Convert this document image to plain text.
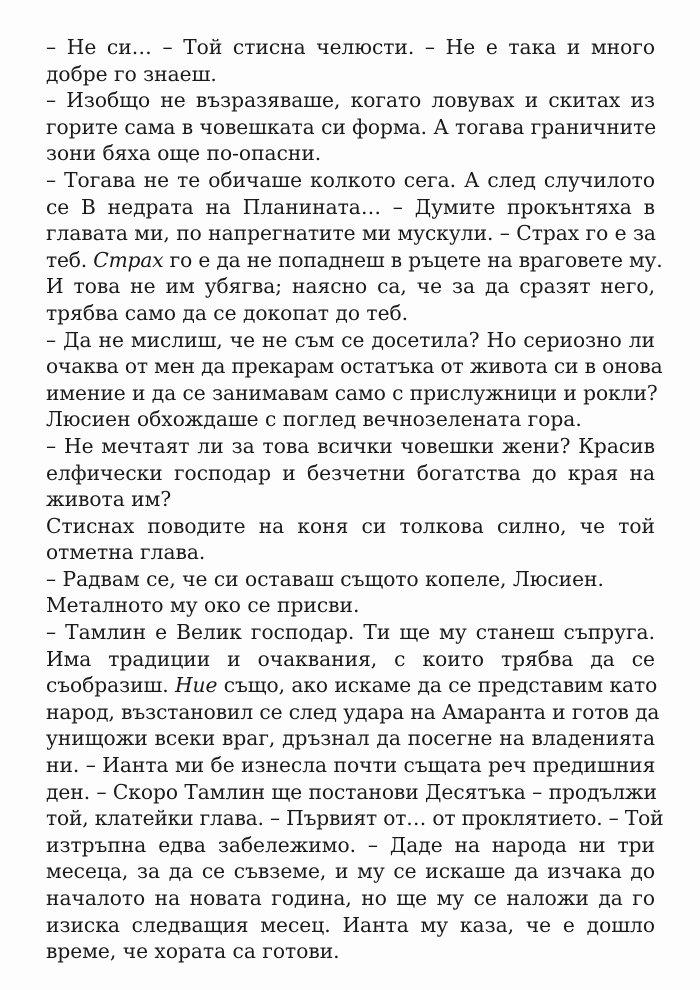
– Не си… – Той стисна челюсти. – Не е така и много
добре го знаеш.
– Изобщо не възразяваше, когато ловувах и скитах из
горите сама в човешката си форма. А тогава граничните
зони бяха още по-опасни.
– Тогава не те обичаше колкото сега. А след случилото
се В недрата на Планината… – Думите прокънтяха в
главата ми, по напрегнатите ми мускули. – Страх го е за
теб. Страх го е да не попаднеш в ръцете на враговете му.
И това не им убягва; наясно са, че за да сразят него,
трябва само да се докопат до теб.
– Да не мислиш, че не съм се досетила? Но сериозно ли
очаква от мен да прекарам остатъка от живота си в онова
имение и да се занимавам само с прислужници и рокли?
Люсиен обхождаше с поглед вечнозелената гора.
– Не мечтаят ли за това всички човешки жени? Красив
елфически господар и безчетни богатства до края на
живота им?
Стиснах поводите на коня си толкова силно, че той
отметна глава.
– Радвам се, че си оставаш същото копеле, Люсиен.
Металното му око се присви.
– Тамлин е Велик господар. Ти ще му станеш съпруга.
Има традиции и очаквания, с които трябва да се
съобразиш. Ние също, ако искаме да се представим като
народ, възстановил се след удара на Амаранта и готов да
унищожи всеки враг, дръзнал да посегне на владенията
ни. – Ианта ми бе изнесла почти същата реч предишния
ден. – Скоро Тамлин ще постанови Десятъка – продължи
той, клатейки глава. – Първият от… от проклятието. – Той
изтръпна едва забележимо. – Даде на народа ни три
месеца, за да се съвземе, и му се искаше да изчака до
началото на новата година, но ще му се наложи да го
изиска следващия месец. Ианта му каза, че е дошло
време, че хората са готови.
